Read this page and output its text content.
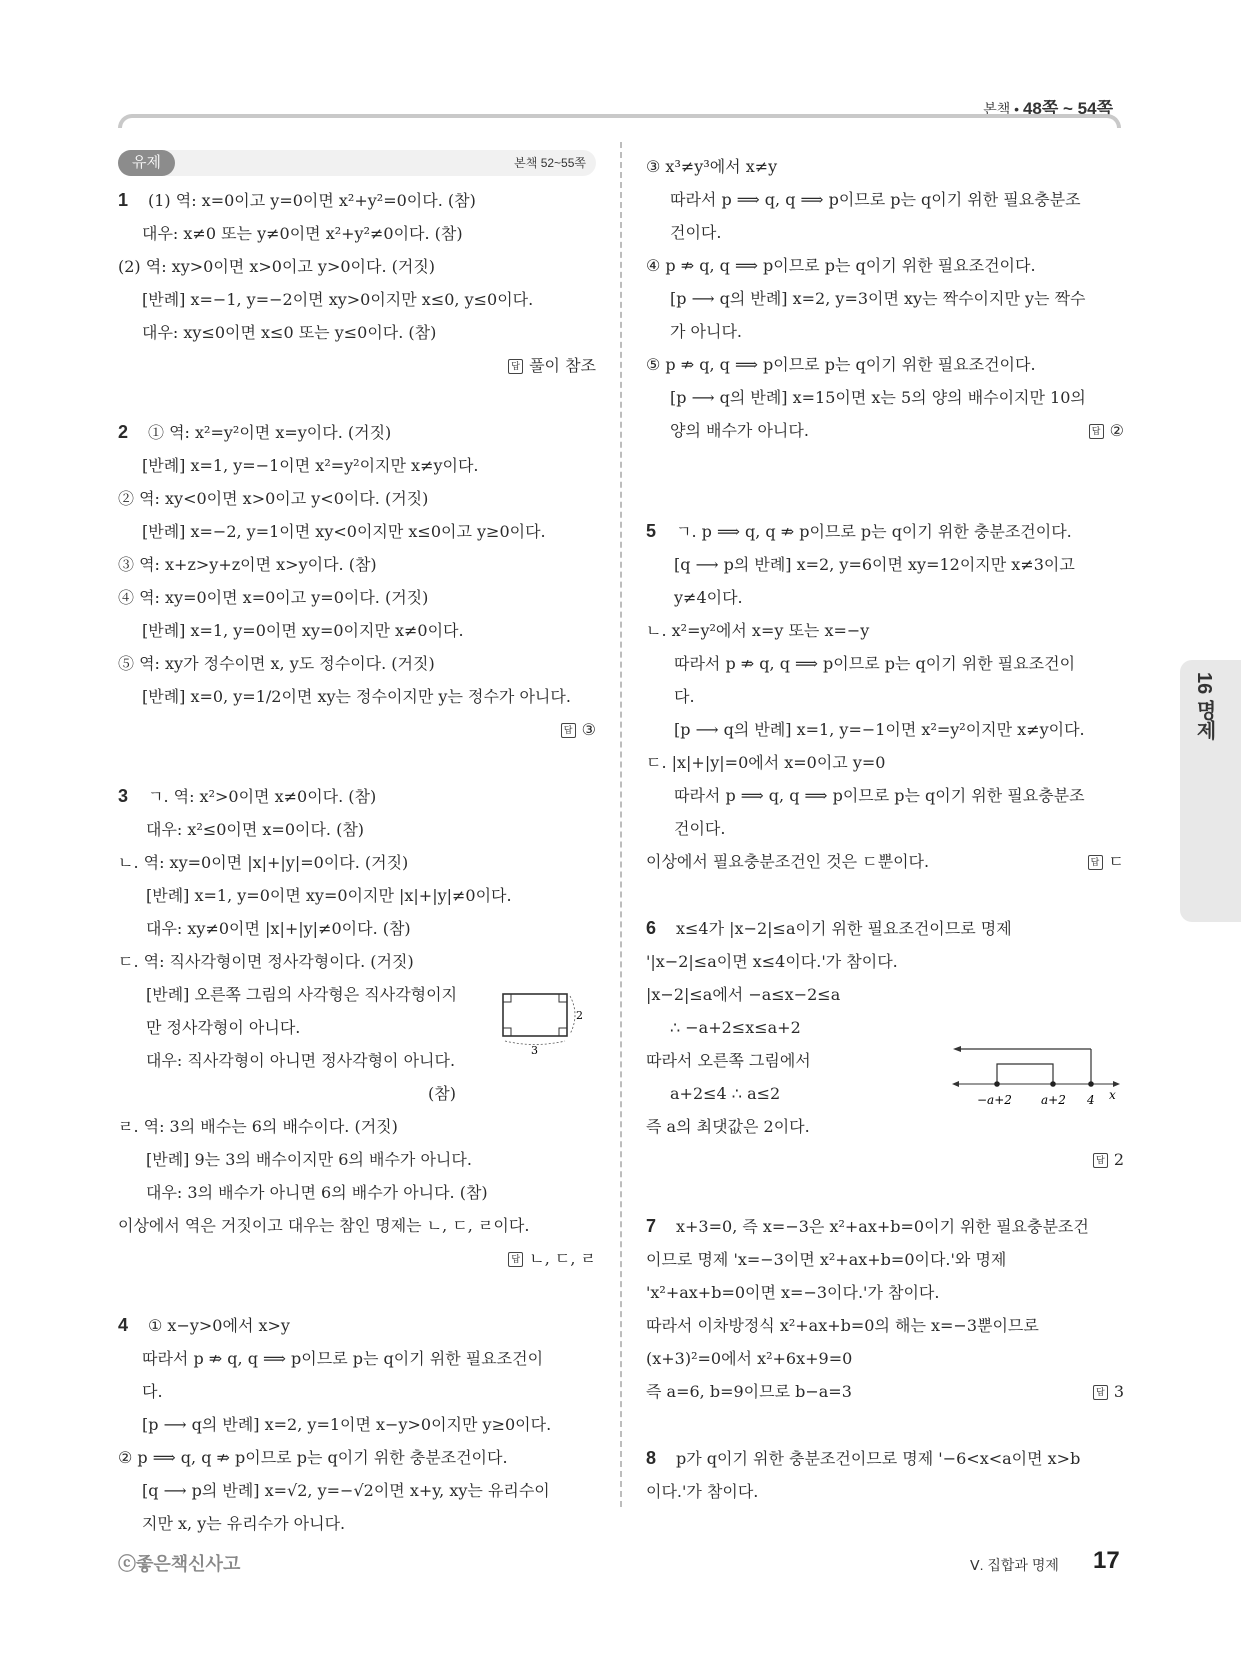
본책 • 48쪽 ~ 54쪽
유제	본책 52~55쪽
1 (1) 역: x=0이고 y=0이면 x²+y²=0이다. (참)
대우: x≠0 또는 y≠0이면 x²+y²≠0이다. (참)
(2) 역: xy>0이면 x>0이고 y>0이다. (거짓)
[반례] x=−1, y=−2이면 xy>0이지만 x≤0, y≤0이다.
대우: xy≤0이면 x≤0 또는 y≤0이다. (참)
답 풀이 참조
2 ① 역: x²=y²이면 x=y이다. (거짓)
[반례] x=1, y=−1이면 x²=y²이지만 x≠y이다.
② 역: xy<0이면 x>0이고 y<0이다. (거짓)
[반례] x=−2, y=1이면 xy<0이지만 x≤0이고 y≥0이다.
③ 역: x+z>y+z이면 x>y이다. (참)
④ 역: xy=0이면 x=0이고 y=0이다. (거짓)
[반례] x=1, y=0이면 xy=0이지만 x≠0이다.
⑤ 역: xy가 정수이면 x, y도 정수이다. (거짓)
[반례] x=0, y=1/2이면 xy는 정수이지만 y는 정수가 아니다.
답 ③
3 ㄱ. 역: x²>0이면 x≠0이다. (참)
대우: x²≤0이면 x=0이다. (참)
ㄴ. 역: xy=0이면 |x|+|y|=0이다. (거짓)
[반례] x=1, y=0이면 xy=0이지만 |x|+|y|≠0이다.
대우: xy≠0이면 |x|+|y|≠0이다. (참)
ㄷ. 역: 직사각형이면 정사각형이다. (거짓)
[반례] 오른쪽 그림의 사각형은 직사각형이지
2
3
만 정사각형이 아니다.
대우: 직사각형이 아니면 정사각형이 아니다.
(참)
ㄹ. 역: 3의 배수는 6의 배수이다. (거짓)
[반례] 9는 3의 배수이지만 6의 배수가 아니다.
대우: 3의 배수가 아니면 6의 배수가 아니다. (참)
이상에서 역은 거짓이고 대우는 참인 명제는 ㄴ, ㄷ, ㄹ이다.
답 ㄴ, ㄷ, ㄹ
4 ① x−y>0에서 x>y
따라서 p ⇏ q, q ⟹ p이므로 p는 q이기 위한 필요조건이
다.
[p ⟶ q의 반례] x=2, y=1이면 x−y>0이지만 y≥0이다.
② p ⟹ q, q ⇏ p이므로 p는 q이기 위한 충분조건이다.
[q ⟶ p의 반례] x=√2, y=−√2이면 x+y, xy는 유리수이
지만 x, y는 유리수가 아니다.
③ x³≠y³에서 x≠y
따라서 p ⟹ q, q ⟹ p이므로 p는 q이기 위한 필요충분조
건이다.
④ p ⇏ q, q ⟹ p이므로 p는 q이기 위한 필요조건이다.
[p ⟶ q의 반례] x=2, y=3이면 xy는 짝수이지만 y는 짝수
가 아니다.
⑤ p ⇏ q, q ⟹ p이므로 p는 q이기 위한 필요조건이다.
[p ⟶ q의 반례] x=15이면 x는 5의 양의 배수이지만 10의
양의 배수가 아니다.	답 ②
5 ㄱ. p ⟹ q, q ⇏ p이므로 p는 q이기 위한 충분조건이다.
[q ⟶ p의 반례] x=2, y=6이면 xy=12이지만 x≠3이고
y≠4이다.
ㄴ. x²=y²에서 x=y 또는 x=−y
따라서 p ⇏ q, q ⟹ p이므로 p는 q이기 위한 필요조건이
다.
[p ⟶ q의 반례] x=1, y=−1이면 x²=y²이지만 x≠y이다.
ㄷ. |x|+|y|=0에서 x=0이고 y=0
따라서 p ⟹ q, q ⟹ p이므로 p는 q이기 위한 필요충분조
건이다.
이상에서 필요충분조건인 것은 ㄷ뿐이다.	답 ㄷ
6 x≤4가 |x−2|≤a이기 위한 필요조건이므로 명제
'|x−2|≤a이면 x≤4이다.'가 참이다.
|x−2|≤a에서 −a≤x−2≤a
∴ −a+2≤x≤a+2
따라서 오른쪽 그림에서
−a+2 a+2 4 x
a+2≤4 ∴ a≤2
즉 a의 최댓값은 2이다.
답 2
7 x+3=0, 즉 x=−3은 x²+ax+b=0이기 위한 필요충분조건
이므로 명제 'x=−3이면 x²+ax+b=0이다.'와 명제
'x²+ax+b=0이면 x=−3이다.'가 참이다.
따라서 이차방정식 x²+ax+b=0의 해는 x=−3뿐이므로
(x+3)²=0에서 x²+6x+9=0
즉 a=6, b=9이므로 b−a=3	답 3
8 p가 q이기 위한 충분조건이므로 명제 '−6<x<a이면 x>b
이다.'가 참이다.
16 명제
ⓒ좋은책신사고	Ⅴ. 집합과 명제 17
